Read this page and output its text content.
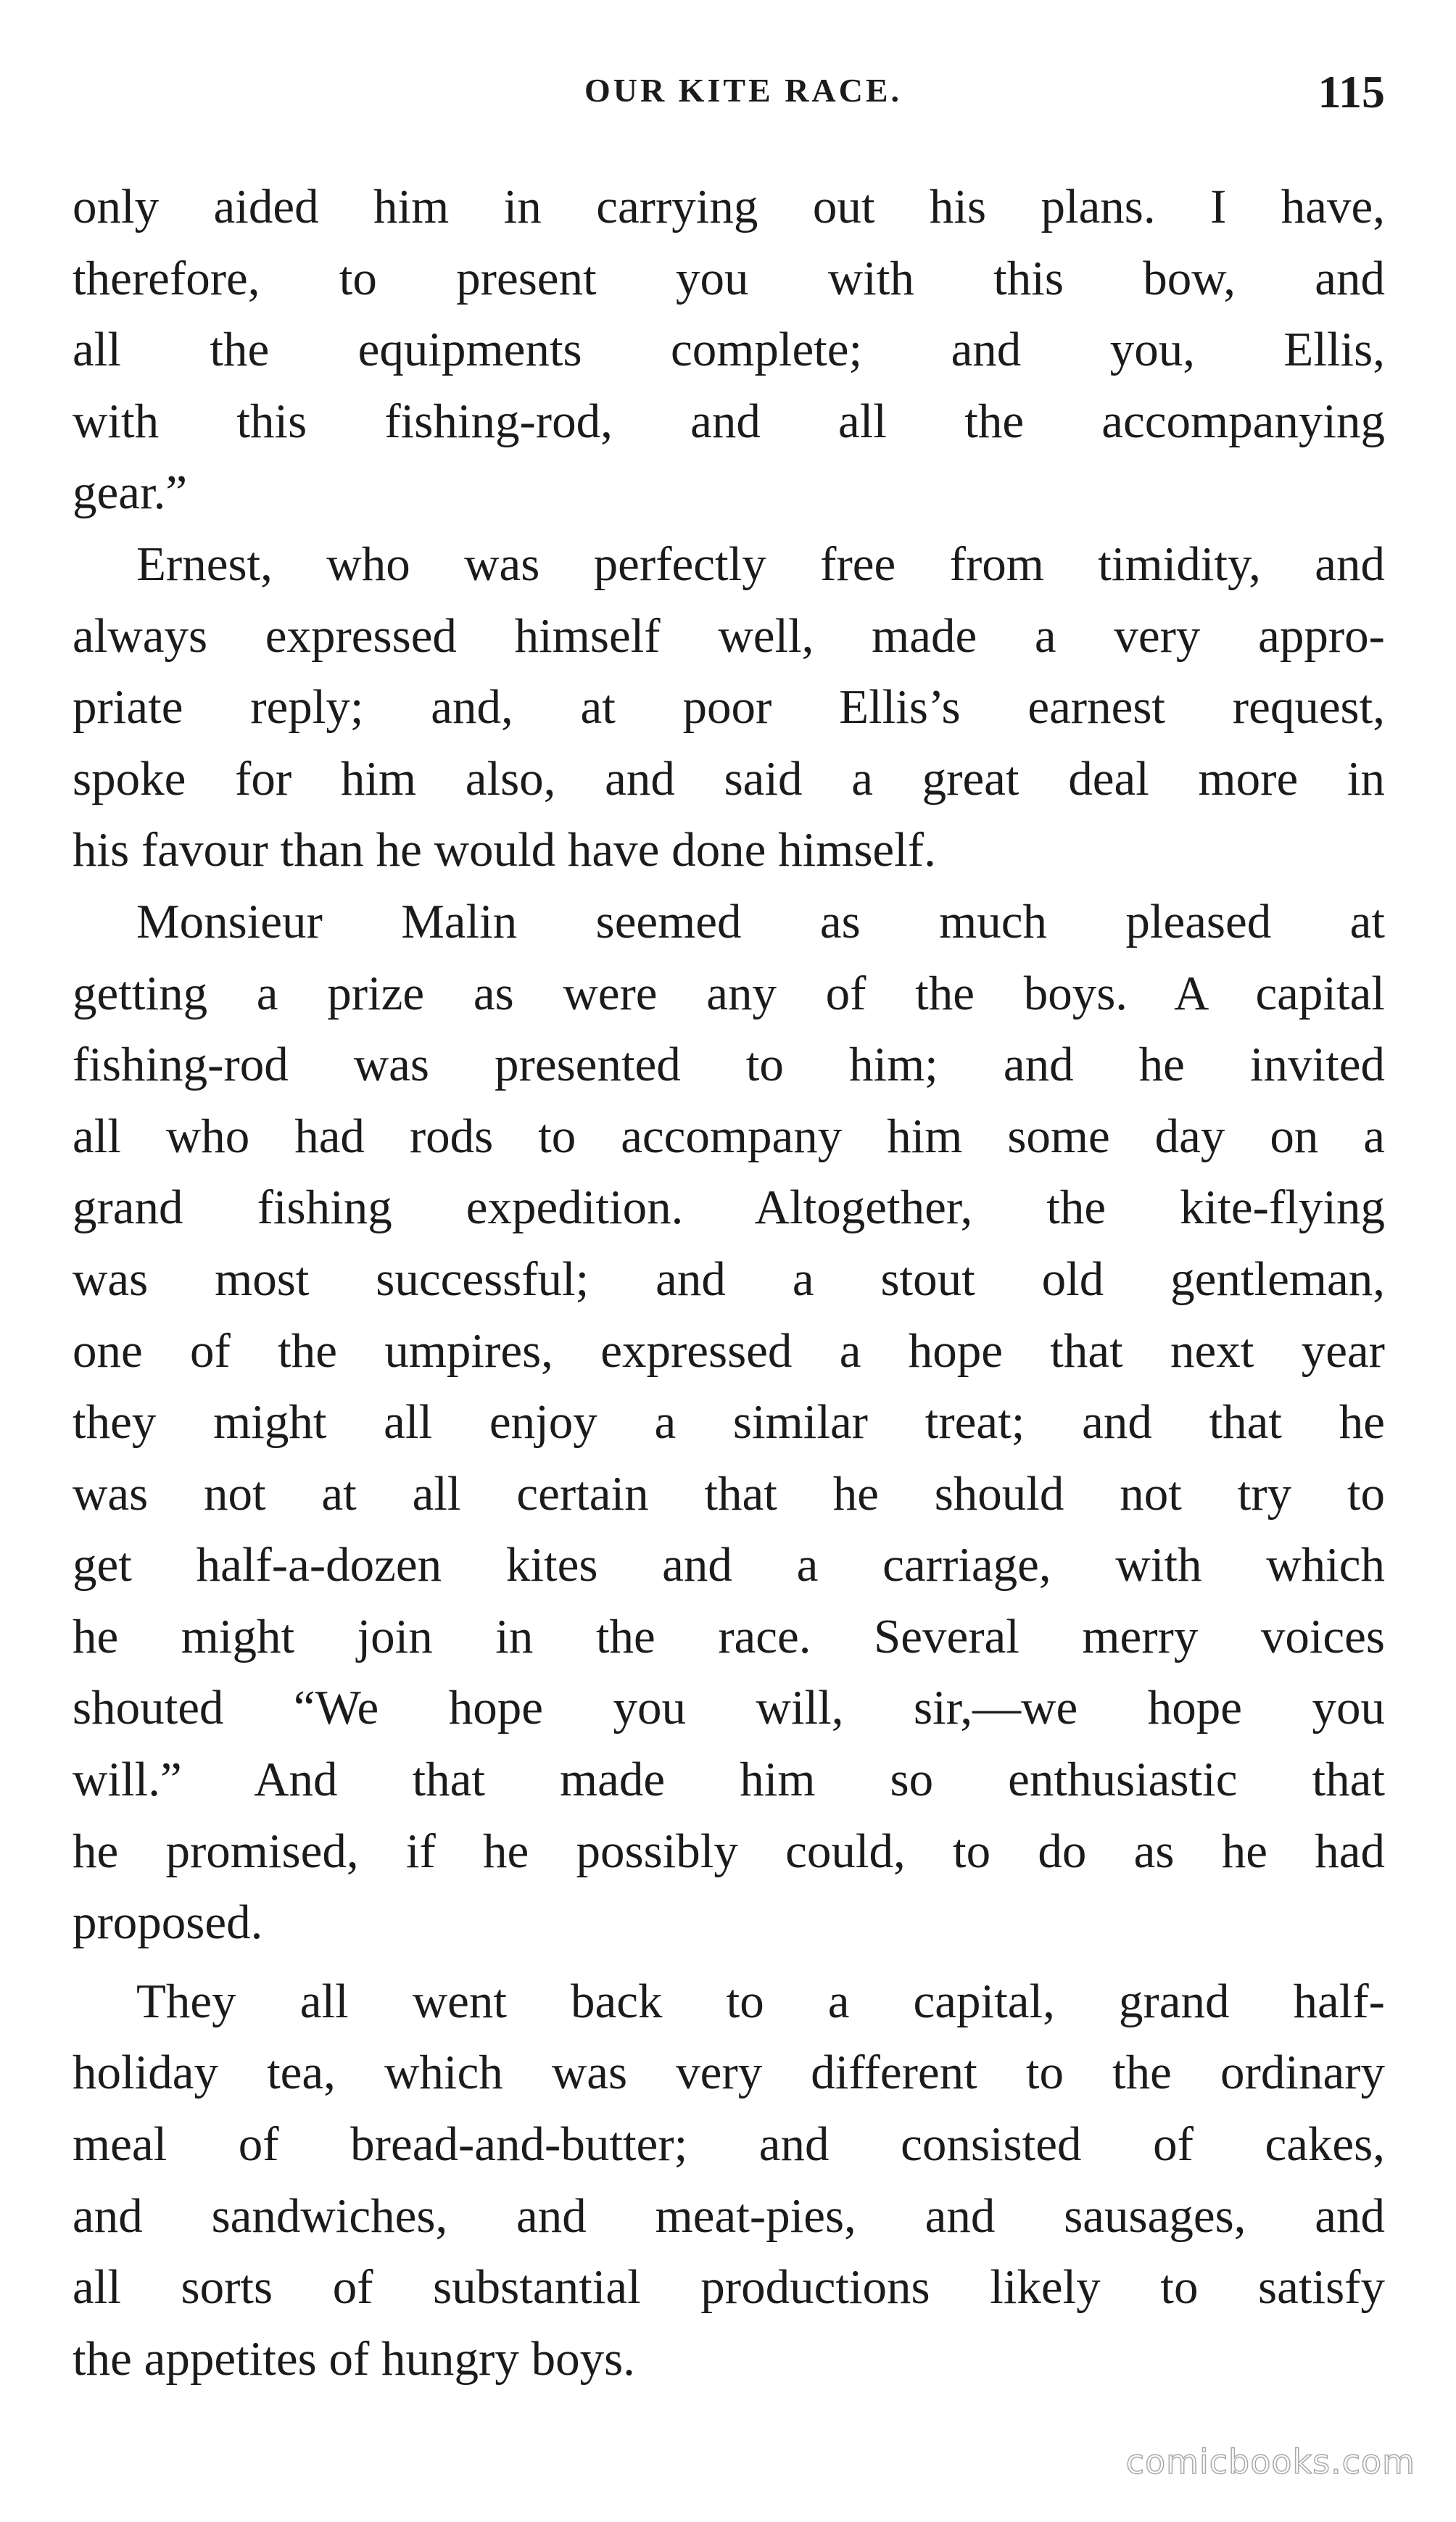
OUR KITE RACE.	115

only aided him in carrying out his plans. I have,

therefore, to present you with this bow, and

all the equipments complete; and you, Ellis,

with this fishing-rod, and all the accompanying

gear.”

Ernest, who was perfectly free from timidity, and

always expressed himself well, made a very appro-

priate reply; and, at poor Ellis’s earnest request,

spoke for him also, and said a great deal more in

his favour than he would have done himself.

Monsieur Malin seemed as much pleased at

getting a prize as were any of the boys. A capital

fishing-rod was presented to him; and he invited

all who had rods to accompany him some day on a

grand fishing expedition. Altogether, the kite-flying

was most successful; and a stout old gentleman,

one of the umpires, expressed a hope that next year

they might all enjoy a similar treat; and that he

was not at all certain that he should not try to

get half-a-dozen kites and a carriage, with which

he might join in the race. Several merry voices

shouted “We hope you will, sir,—we hope you

will.” And that made him so enthusiastic that

he promised, if he possibly could, to do as he had

proposed.

They all went back to a capital, grand half-

holiday tea, which was very different to the ordinary

meal of bread-and-butter; and consisted of cakes,

and sandwiches, and meat-pies, and sausages, and

all sorts of substantial productions likely to satisfy

the appetites of hungry boys.

comicbooks.com
